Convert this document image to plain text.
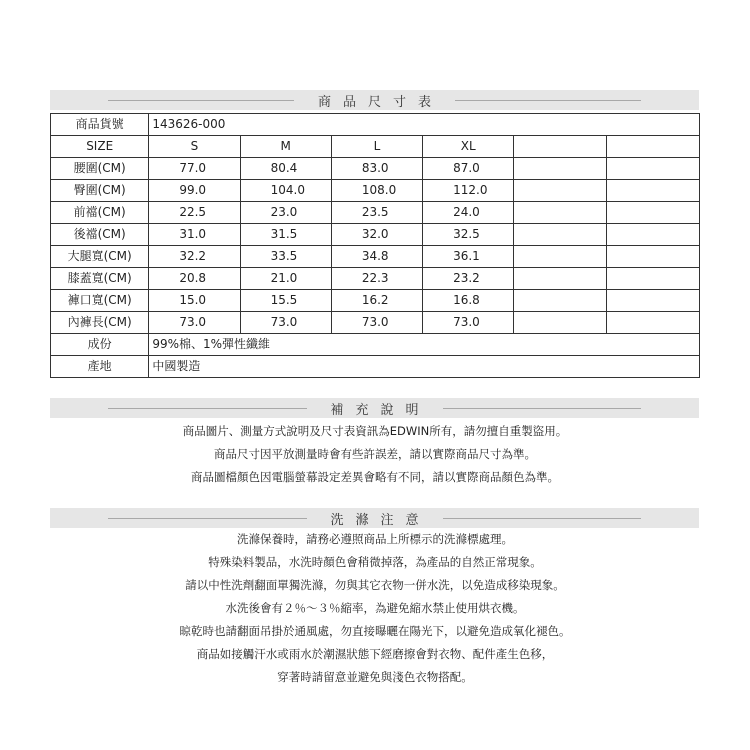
商品尺寸表
商品貨號	143626-000					
SIZE	S	M	L	XL		
腰圍(CM)	77.0	80.4	83.0	87.0		
臀圍(CM)	99.0	104.0	108.0	112.0		
前襠(CM)	22.5	23.0	23.5	24.0		
後襠(CM)	31.0	31.5	32.0	32.5		
大腿寬(CM)	32.2	33.5	34.8	36.1		
膝蓋寬(CM)	20.8	21.0	22.3	23.2		
褲口寬(CM)	15.0	15.5	16.2	16.8		
內褲長(CM)	73.0	73.0	73.0	73.0		
成份	99%棉、1%彈性纖維					
產地	中國製造					
補充說明
商品圖片、測量方式說明及尺寸表資訊為EDWIN所有，請勿擅自重製盜用。
商品尺寸因平放測量時會有些許誤差，請以實際商品尺寸為準。
商品圖檔顏色因電腦螢幕設定差異會略有不同，請以實際商品顏色為準。
洗滌注意
洗滌保養時，請務必遵照商品上所標示的洗滌標處理。
特殊染料製品，水洗時顏色會稍微掉落，為產品的自然正常現象。
請以中性洗劑翻面單獨洗滌，勿與其它衣物一併水洗，以免造成移染現象。
水洗後會有２％～３％縮率，為避免縮水禁止使用烘衣機。
晾乾時也請翻面吊掛於通風處，勿直接曝曬在陽光下，以避免造成氧化褪色。
商品如接觸汗水或雨水於潮濕狀態下經磨擦會對衣物、配件產生色移，
穿著時請留意並避免與淺色衣物搭配。
